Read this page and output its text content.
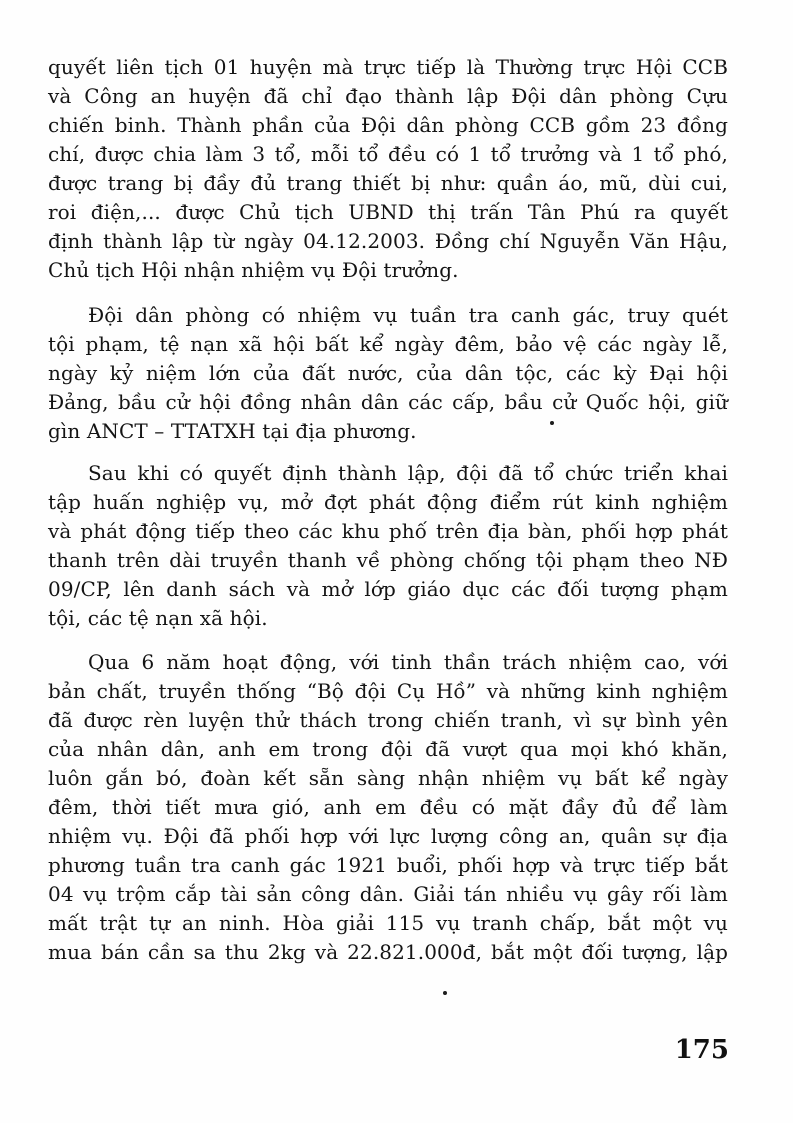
quyết liên tịch 01 huyện mà trực tiếp là Thường trực Hội CCB
và Công an huyện đã chỉ đạo thành lập Đội dân phòng Cựu
chiến binh. Thành phần của Đội dân phòng CCB gồm 23 đồng
chí, được chia làm 3 tổ, mỗi tổ đều có 1 tổ trưởng và 1 tổ phó,
được trang bị đầy đủ trang thiết bị như: quần áo, mũ, dùi cui,
roi điện,... được Chủ tịch UBND thị trấn Tân Phú ra quyết
định thành lập từ ngày 04.12.2003. Đồng chí Nguyễn Văn Hậu,
Chủ tịch Hội nhận nhiệm vụ Đội trưởng.
Đội dân phòng có nhiệm vụ tuần tra canh gác, truy quét
tội phạm, tệ nạn xã hội bất kể ngày đêm, bảo vệ các ngày lễ,
ngày kỷ niệm lớn của đất nước, của dân tộc, các kỳ Đại hội
Đảng, bầu cử hội đồng nhân dân các cấp, bầu cử Quốc hội, giữ
gìn ANCT – TTATXH tại địa phương.
Sau khi có quyết định thành lập, đội đã tổ chức triển khai
tập huấn nghiệp vụ, mở đợt phát động điểm rút kinh nghiệm
và phát động tiếp theo các khu phố trên địa bàn, phối hợp phát
thanh trên dài truyền thanh về phòng chống tội phạm theo NĐ
09/CP, lên danh sách và mở lớp giáo dục các đối tượng phạm
tội, các tệ nạn xã hội.
Qua 6 năm hoạt động, với tinh thần trách nhiệm cao, với
bản chất, truyền thống “Bộ đội Cụ Hồ” và những kinh nghiệm
đã được rèn luyện thử thách trong chiến tranh, vì sự bình yên
của nhân dân, anh em trong đội đã vượt qua mọi khó khăn,
luôn gắn bó, đoàn kết sẵn sàng nhận nhiệm vụ bất kể ngày
đêm, thời tiết mưa gió, anh em đều có mặt đầy đủ để làm
nhiệm vụ. Đội đã phối hợp với lực lượng công an, quân sự địa
phương tuần tra canh gác 1921 buổi, phối hợp và trực tiếp bắt
04 vụ trộm cắp tài sản công dân. Giải tán nhiều vụ gây rối làm
mất trật tự an ninh. Hòa giải 115 vụ tranh chấp, bắt một vụ
mua bán cần sa thu 2kg và 22.821.000đ, bắt một đối tượng, lập
175
